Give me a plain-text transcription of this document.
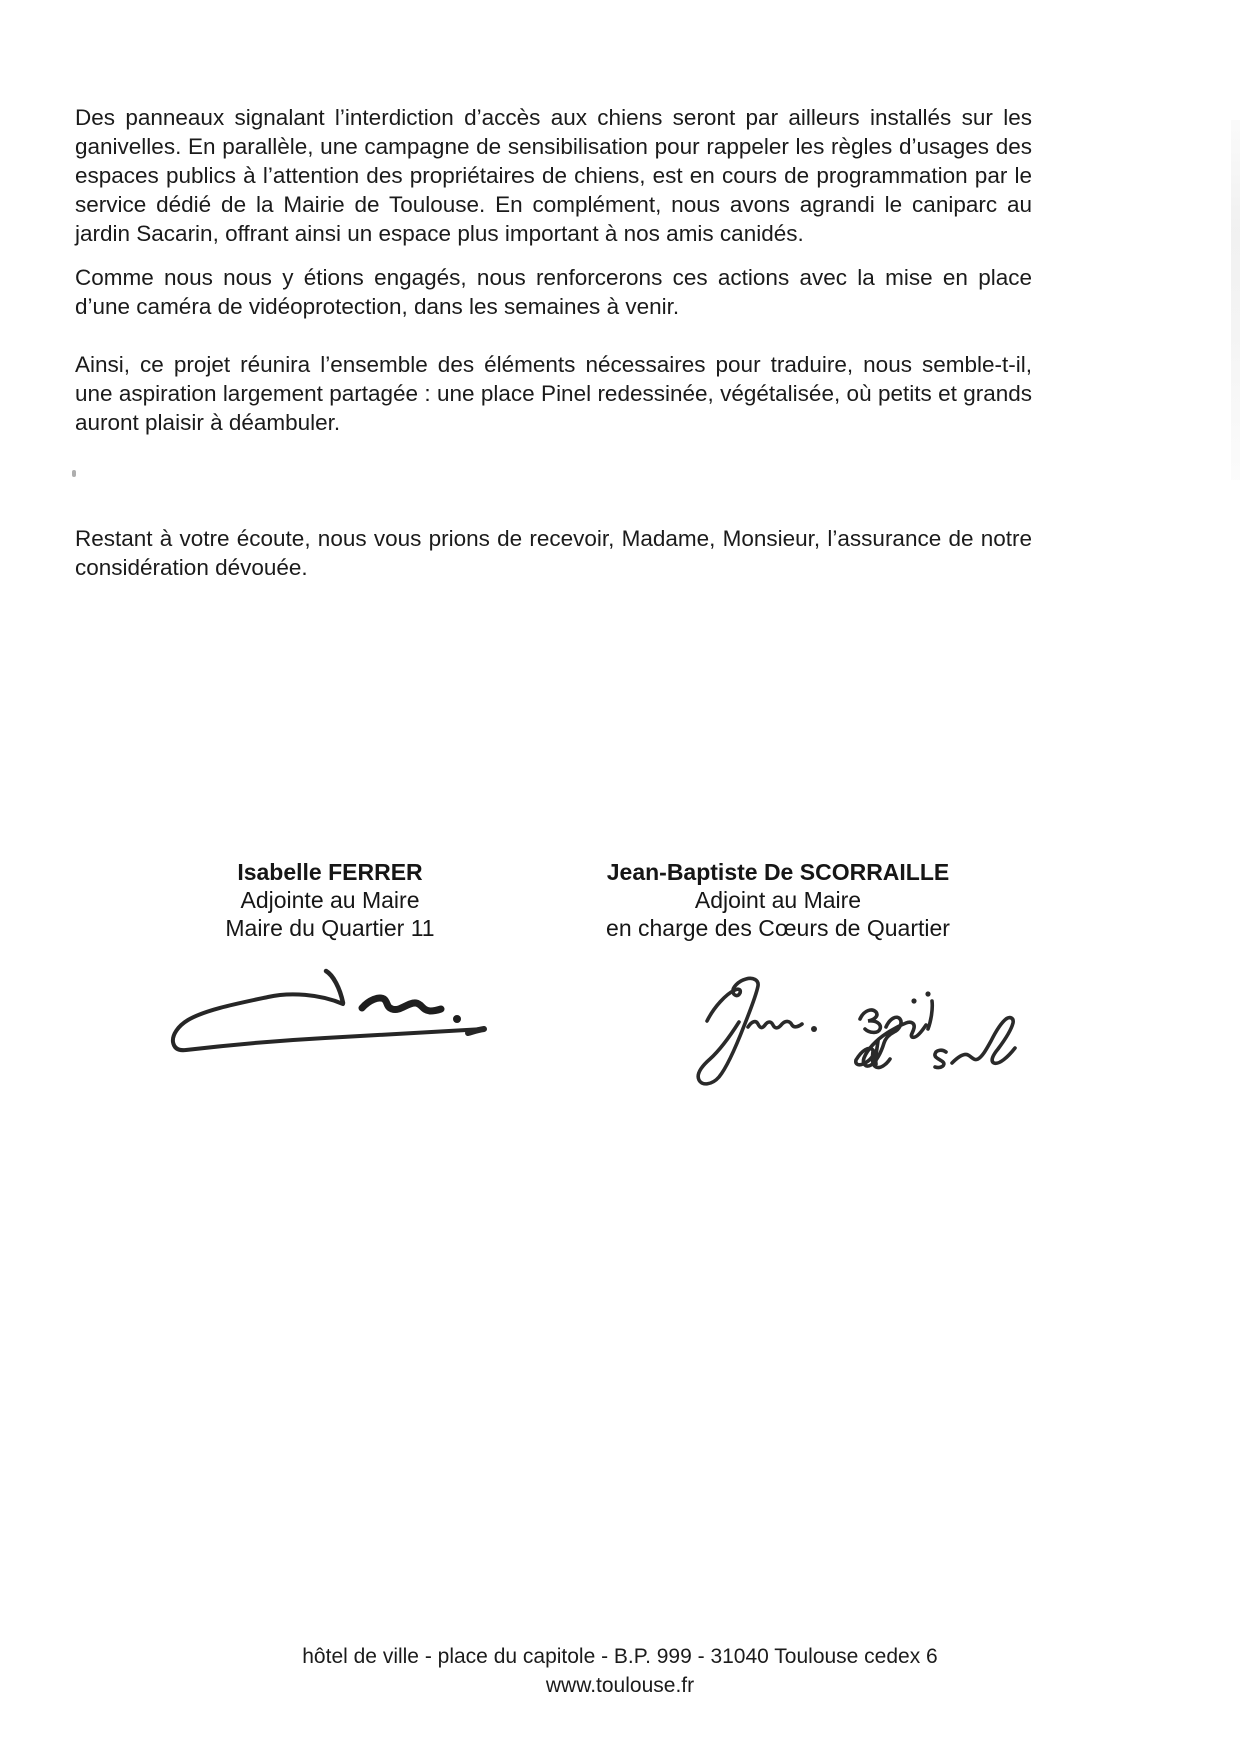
Des panneaux signalant l’interdiction d’accès aux chiens seront par ailleurs installés sur les ganivelles. En parallèle, une campagne de sensibilisation pour rappeler les règles d’usages des espaces publics à l’attention des propriétaires de chiens, est en cours de programmation par le service dédié de la Mairie de Toulouse. En complément, nous avons agrandi le caniparc au jardin Sacarin, offrant ainsi un espace plus important à nos amis canidés.

Comme nous nous y étions engagés, nous renforcerons ces actions avec la mise en place d’une caméra de vidéoprotection, dans les semaines à venir.

Ainsi, ce projet réunira l’ensemble des éléments nécessaires pour traduire, nous semble-t-il, une aspiration largement partagée : une place Pinel redessinée, végétalisée, où petits et grands auront plaisir à déambuler.

Restant à votre écoute, nous vous prions de recevoir, Madame, Monsieur, l’assurance de notre considération dévouée.

Isabelle FERRER
Adjointe au Maire
Maire du Quartier 11
Jean-Baptiste De SCORRAILLE
Adjoint au Maire
en charge des Cœurs de Quartier
hôtel de ville - place du capitole - B.P. 999 - 31040 Toulouse cedex 6
www.toulouse.fr
